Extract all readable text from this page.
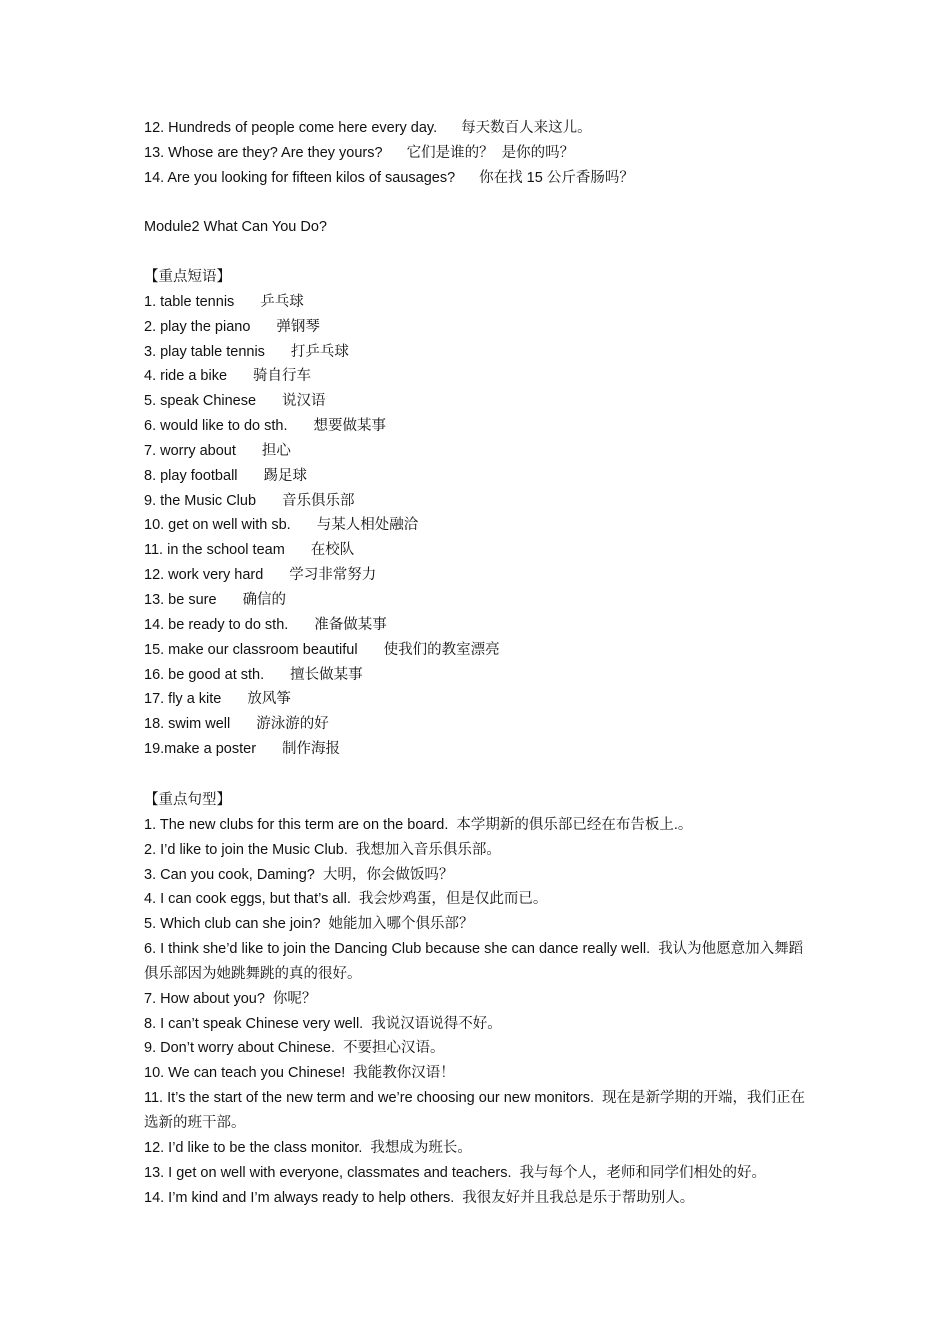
12. Hundreds of people come here every day. 每天数百人来这儿。
13. Whose are they? Are they yours? 它们是谁的？  是你的吗？
14. Are you looking for fifteen kilos of sausages? 你在找 15 公斤香肠吗？
Module2 What Can You Do?
【重点短语】
1. table tennis 乒乓球
2. play the piano 弹钢琴
3. play table tennis 打乒乓球
4. ride a bike 骑自行车
5. speak Chinese 说汉语
6. would like to do sth. 想要做某事
7. worry about 担心
8. play football 踢足球
9. the Music Club 音乐俱乐部
10. get on well with sb. 与某人相处融洽
11. in the school team 在校队
12. work very hard 学习非常努力
13. be sure 确信的
14. be ready to do sth. 准备做某事
15. make our classroom beautiful 使我们的教室漂亮
16. be good at sth. 擅长做某事
17. fly a kite 放风筝
18. swim well 游泳游的好
19.make a poster 制作海报
【重点句型】
1. The new clubs for this term are on the board. 本学期新的俱乐部已经在布告板上.。
2. I’d like to join the Music Club. 我想加入音乐俱乐部。
3. Can you cook, Daming? 大明，你会做饭吗？
4. I can cook eggs, but that’s all. 我会炒鸡蛋，但是仅此而已。
5. Which club can she join? 她能加入哪个俱乐部？
6. I think she’d like to join the Dancing Club because she can dance really well. 我认为他愿意加入舞蹈俱乐部因为她跳舞跳的真的很好。
7. How about you? 你呢？
8. I can’t speak Chinese very well. 我说汉语说得不好。
9. Don’t worry about Chinese. 不要担心汉语。
10. We can teach you Chinese! 我能教你汉语！
11. It’s the start of the new term and we’re choosing our new monitors. 现在是新学期的开端，我们正在选新的班干部。
12. I’d like to be the class monitor. 我想成为班长。
13. I get on well with everyone, classmates and teachers. 我与每个人，老师和同学们相处的好。
14. I’m kind and I’m always ready to help others. 我很友好并且我总是乐于帮助别人。
